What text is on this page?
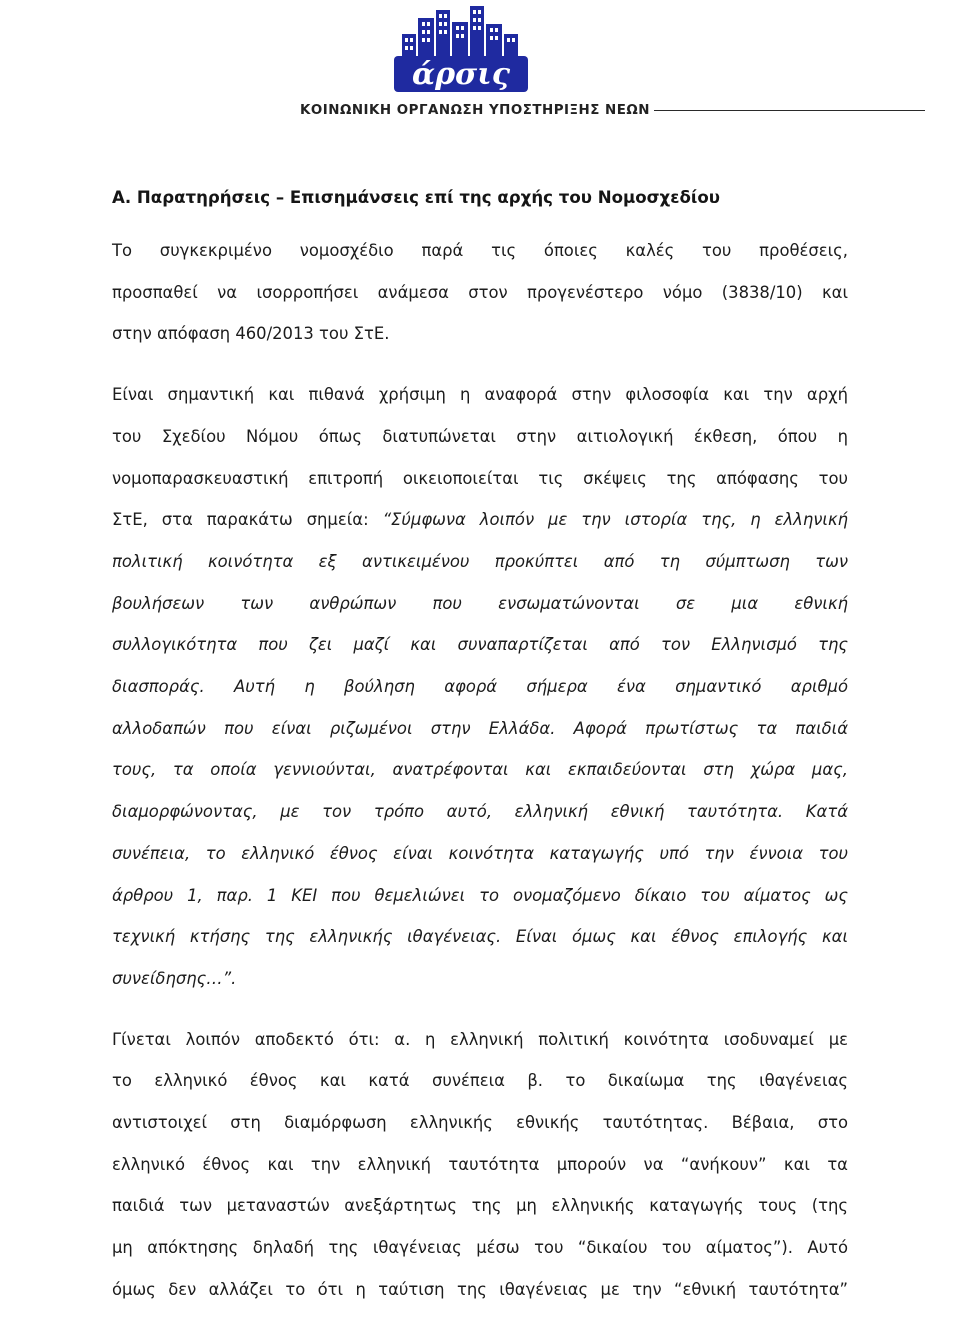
άρσις
ΚΟΙΝΩΝΙΚΗ ΟΡΓΑΝΩΣΗ ΥΠΟΣΤΗΡΙΞΗΣ ΝΕΩΝ
Α. Παρατηρήσεις – Επισημάνσεις επί της αρχής του Νομοσχεδίου
Το συγκεκριμένο νομοσχέδιο παρά τις όποιες καλές του προθέσεις,
προσπαθεί να ισορροπήσει ανάμεσα στον προγενέστερο νόμο (3838/10) και
στην απόφαση 460/2013 του ΣτΕ.
Είναι σημαντική και πιθανά χρήσιμη η αναφορά στην φιλοσοφία και την αρχή
του Σχεδίου Νόμου όπως διατυπώνεται στην αιτιολογική έκθεση, όπου η
νομοπαρασκευαστική επιτροπή οικειοποιείται τις σκέψεις της απόφασης του
ΣτΕ, στα παρακάτω σημεία: “Σύμφωνα λοιπόν με την ιστορία της, η ελληνική
πολιτική κοινότητα εξ αντικειμένου προκύπτει από τη σύμπτωση των
βουλήσεων των ανθρώπων που ενσωματώνονται σε μια εθνική
συλλογικότητα που ζει μαζί και συναπαρτίζεται από τον Ελληνισμό της
διασποράς. Αυτή η βούληση αφορά σήμερα ένα σημαντικό αριθμό
αλλοδαπών που είναι ριζωμένοι στην Ελλάδα. Αφορά πρωτίστως τα παιδιά
τους, τα οποία γεννιούνται, ανατρέφονται και εκπαιδεύονται στη χώρα μας,
διαμορφώνοντας, με τον τρόπο αυτό, ελληνική εθνική ταυτότητα. Κατά
συνέπεια, το ελληνικό έθνος είναι κοινότητα καταγωγής υπό την έννοια του
άρθρου 1, παρ. 1 ΚΕΙ που θεμελιώνει το ονομαζόμενο δίκαιο του αίματος ως
τεχνική κτήσης της ελληνικής ιθαγένειας. Είναι όμως και έθνος επιλογής και
συνείδησης…”.
Γίνεται λοιπόν αποδεκτό ότι: α. η ελληνική πολιτική κοινότητα ισοδυναμεί με
το ελληνικό έθνος και κατά συνέπεια β. το δικαίωμα της ιθαγένειας
αντιστοιχεί στη διαμόρφωση ελληνικής εθνικής ταυτότητας. Βέβαια, στο
ελληνικό έθνος και την ελληνική ταυτότητα μπορούν να “ανήκουν” και τα
παιδιά των μεταναστών ανεξάρτητως της μη ελληνικής καταγωγής τους (της
μη απόκτησης δηλαδή της ιθαγένειας μέσω του “δικαίου του αίματος”). Αυτό
όμως δεν αλλάζει το ότι η ταύτιση της ιθαγένειας με την “εθνική ταυτότητα”
